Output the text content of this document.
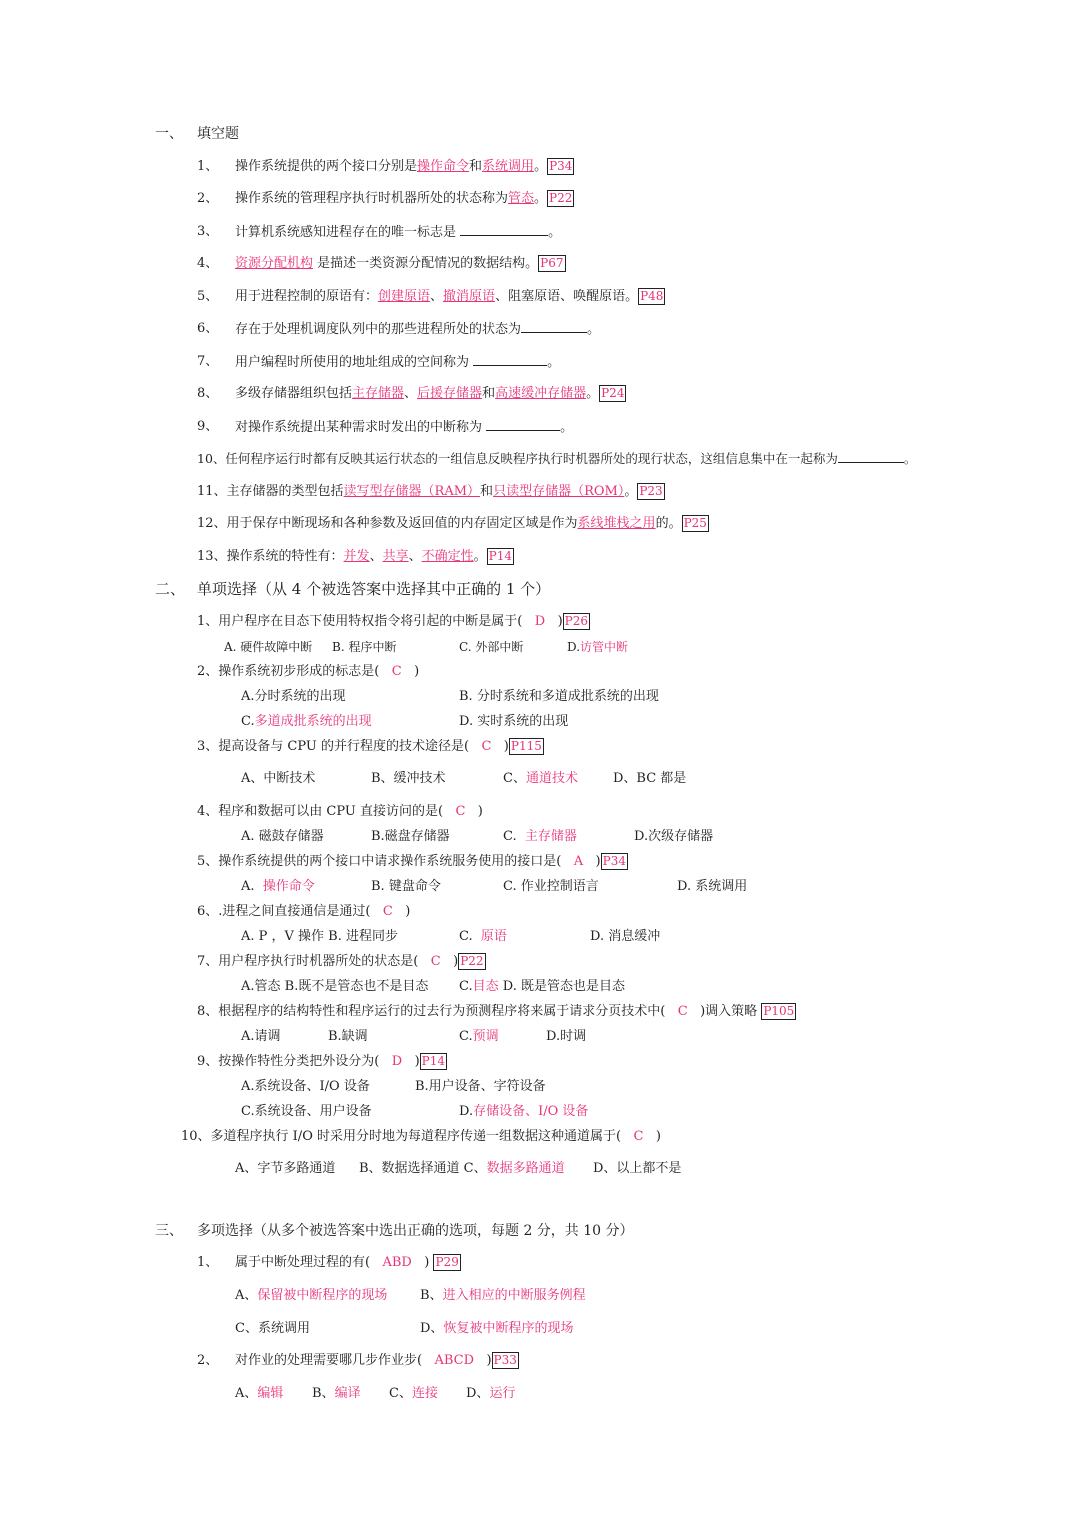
一、 填空题
1、 操作系统提供的两个接口分别是操作命令和系统调用。 P34
2、 操作系统的管理程序执行时机器所处的状态称为管态。 P22
3、 计算机系统感知进程存在的唯一标志是	。
4、 资源分配机构 是描述一类资源分配情况的数据结构。 P67
5、 用于进程控制的原语有：创建原语、撤消原语、阻塞原语、唤醒原语。 P48
6、 存在于处理机调度队列中的那些进程所处的状态为	。
7、 用户编程时所使用的地址组成的空间称为	。
8、 多级存储器组织包括主存储器、后援存储器和高速缓冲存储器。 P24
9、 对操作系统提出某种需求时发出的中断称为	。
10、任何程序运行时都有反映其运行状态的一组信息反映程序执行时机器所处的现行状态，这组信息集中在一起称为	。
11、主存储器的类型包括读写型存储器（RAM）和只读型存储器（ROM）。 P23
12、用于保存中断现场和各种参数及返回值的内存固定区域是作为系线堆栈之用的。 P25
13、操作系统的特性有：并发、共享、不确定性。 P14
二、 单项选择（从 4 个被选答案中选择其中正确的 1 个）
1、用户程序在目态下使用特权指令将引起的中断是属于( D ) P26
A. 硬件故障中断 B. 程序中断	C. 外部中断	D.访管中断
2、操作系统初步形成的标志是( C )
A.分时系统的出现	B. 分时系统和多道成批系统的出现
C.多道成批系统的出现	D. 实时系统的出现
3、提高设备与 CPU 的并行程度的技术途径是( C ) P115
A、中断技术	B、缓冲技术	C、通道技术	D、BC 都是
4、程序和数据可以由 CPU 直接访问的是( C )
A. 磁鼓存储器	B.磁盘存储器	C. 主存储器	D.次级存储器
5、操作系统提供的两个接口中请求操作系统服务使用的接口是( A ) P34
A. 操作命令	B. 键盘命令	C. 作业控制语言	D. 系统调用
6、.进程之间直接通信是通过( C )
A. P ，V 操作 B. 进程同步	C. 原语	D. 消息缓冲
7、用户程序执行时机器所处的状态是( C ) P22
A.管态 B.既不是管态也不是目态 C.目态 D. 既是管态也是目态
8、根据程序的结构特性和程序运行的过去行为预测程序将来属于请求分页技术中( C )调入策略 P105
A.请调	B.缺调	C.预调	D.时调
9、按操作特性分类把外设分为( D ) P14
A.系统设备、I/O 设备	B.用户设备、字符设备
C.系统设备、用户设备	D.存储设备、I/O 设备
10、多道程序执行 I/O 时采用分时地为每道程序传递一组数据这种通道属于( C )
A、字节多路通道 B、数据选择通道 C、数据多路通道 D、以上都不是
三、 多项选择（从多个被选答案中选出正确的选项，每题 2 分，共 10 分）
1、 属于中断处理过程的有( ABD ) P29
A、保留被中断程序的现场	B、进入相应的中断服务例程
C、系统调用	D、恢复被中断程序的现场
2、 对作业的处理需要哪几步作业步( ABCD ) P33
A、编辑 B、编译 C、连接 D、运行
